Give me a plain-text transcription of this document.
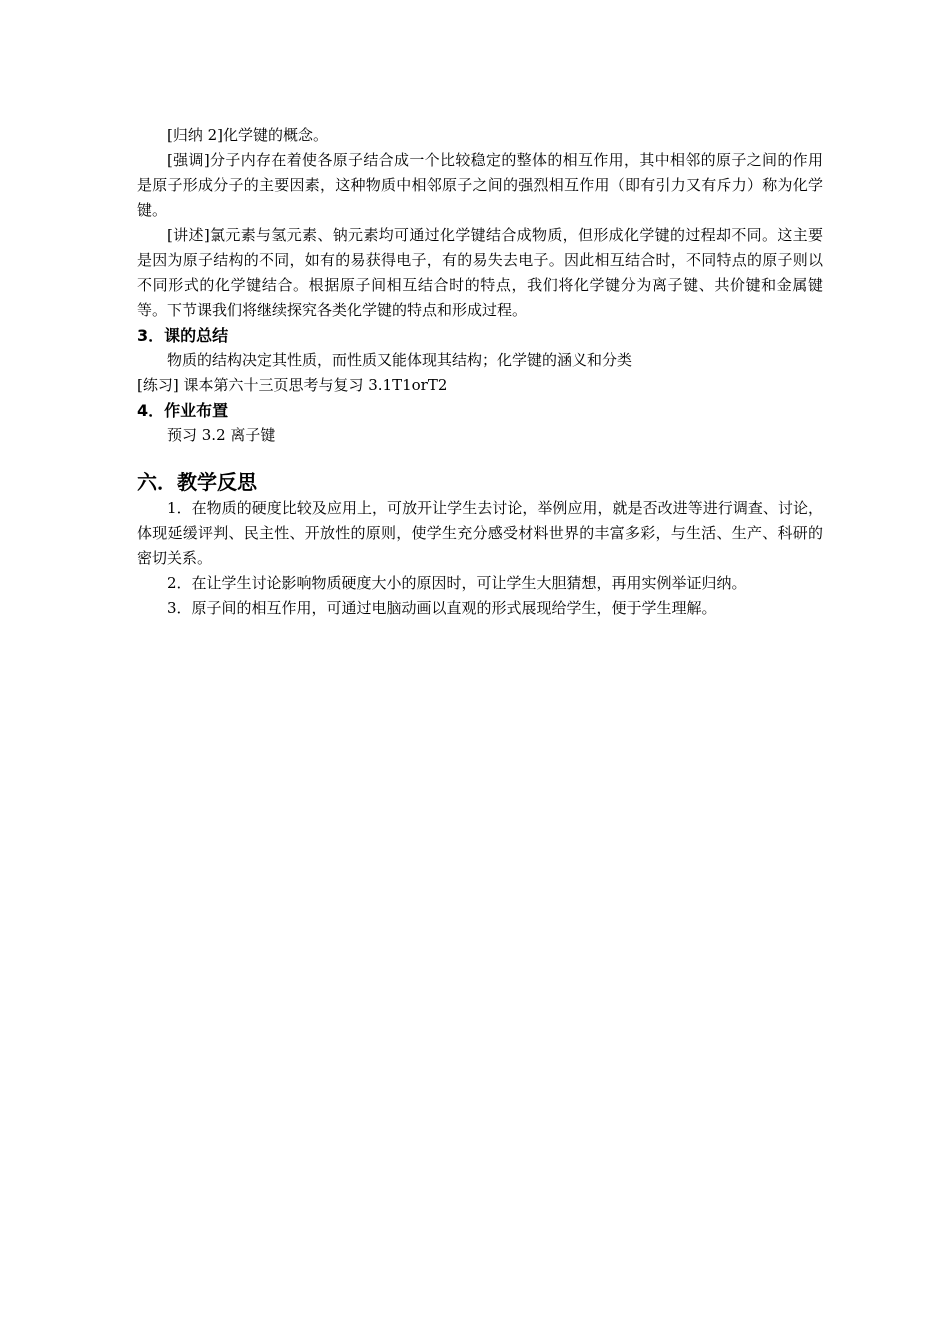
[归纳 2]化学键的概念。

[强调]分子内存在着使各原子结合成一个比较稳定的整体的相互作用，其中相邻的原子之间的作用是原子形成分子的主要因素，这种物质中相邻原子之间的强烈相互作用（即有引力又有斥力）称为化学键。

[讲述]氯元素与氢元素、钠元素均可通过化学键结合成物质，但形成化学键的过程却不同。这主要是因为原子结构的不同，如有的易获得电子，有的易失去电子。因此相互结合时，不同特点的原子则以不同形式的化学键结合。根据原子间相互结合时的特点，我们将化学键分为离子键、共价键和金属键等。下节课我们将继续探究各类化学键的特点和形成过程。

3．课的总结

物质的结构决定其性质，而性质又能体现其结构；化学键的涵义和分类

[练习] 课本第六十三页思考与复习 3.1T1orT2

4．作业布置

预习 3.2 离子键

六．教学反思

1．在物质的硬度比较及应用上，可放开让学生去讨论，举例应用，就是否改进等进行调查、讨论，体现延缓评判、民主性、开放性的原则，使学生充分感受材料世界的丰富多彩，与生活、生产、科研的密切关系。

2．在让学生讨论影响物质硬度大小的原因时，可让学生大胆猜想，再用实例举证归纳。

3．原子间的相互作用，可通过电脑动画以直观的形式展现给学生，便于学生理解。
